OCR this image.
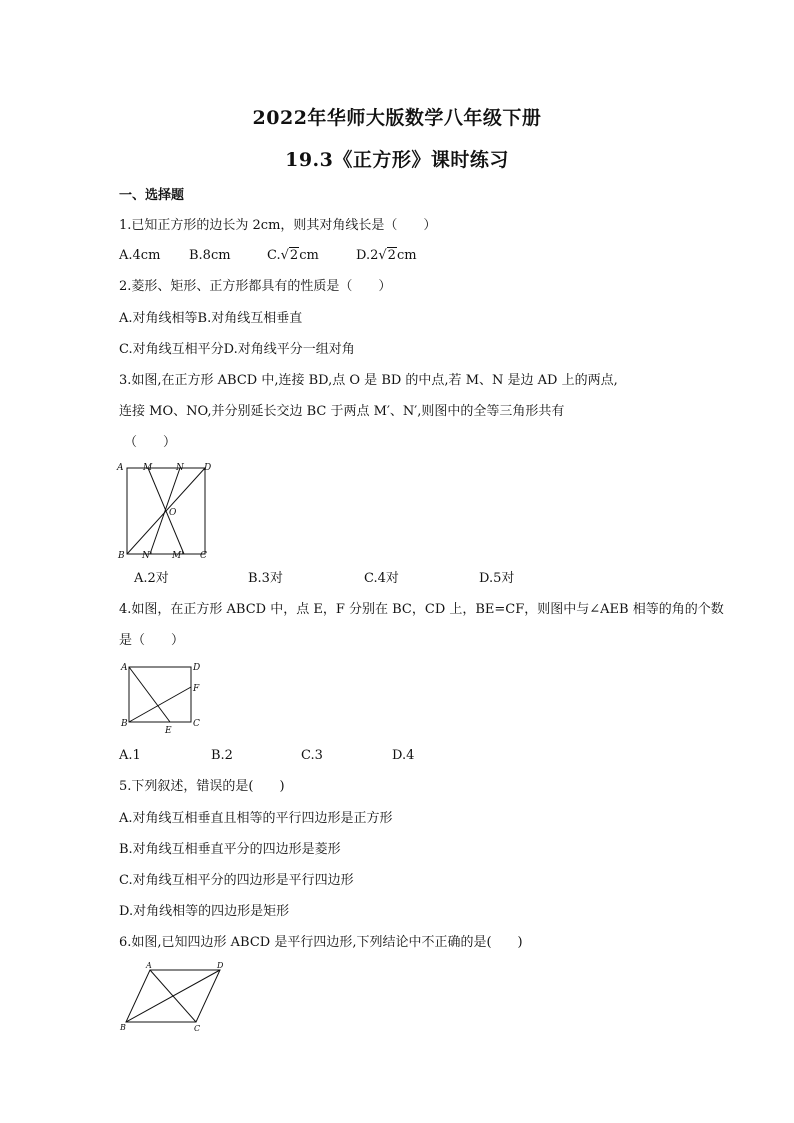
2022年华师大版数学八年级下册
19.3《正方形》课时练习
一、选择题
1.已知正方形的边长为 2cm，则其对角线长是（　　）
A.4cm B.8cm	C.√2cm	D.2√2cm
2.菱形、矩形、正方形都具有的性质是（　　）
A.对角线相等B.对角线互相垂直
C.对角线互相平分D.对角线平分一组对角
3.如图,在正方形 ABCD 中,连接 BD,点 O 是 BD 的中点,若 M、N 是边 AD 上的两点,
连接 MO、NO,并分别延长交边 BC 于两点 M′、N′,则图中的全等三角形共有
（　　）
A M	N D
O
B N' M' C
A.2对	B.3对	C.4对	D.5对
4.如图，在正方形 ABCD 中，点 E，F 分别在 BC，CD 上，BE=CF，则图中与∠AEB 相等的角的个数
是（　　）
A	D
F
B
E
C
A.1	B.2	C.3	D.4
5.下列叙述，错误的是(　　)
A.对角线互相垂直且相等的平行四边形是正方形
B.对角线互相垂直平分的四边形是菱形
C.对角线互相平分的四边形是平行四边形
D.对角线相等的四边形是矩形
6.如图,已知四边形 ABCD 是平行四边形,下列结论中不正确的是(　　)
A	D
B	C
